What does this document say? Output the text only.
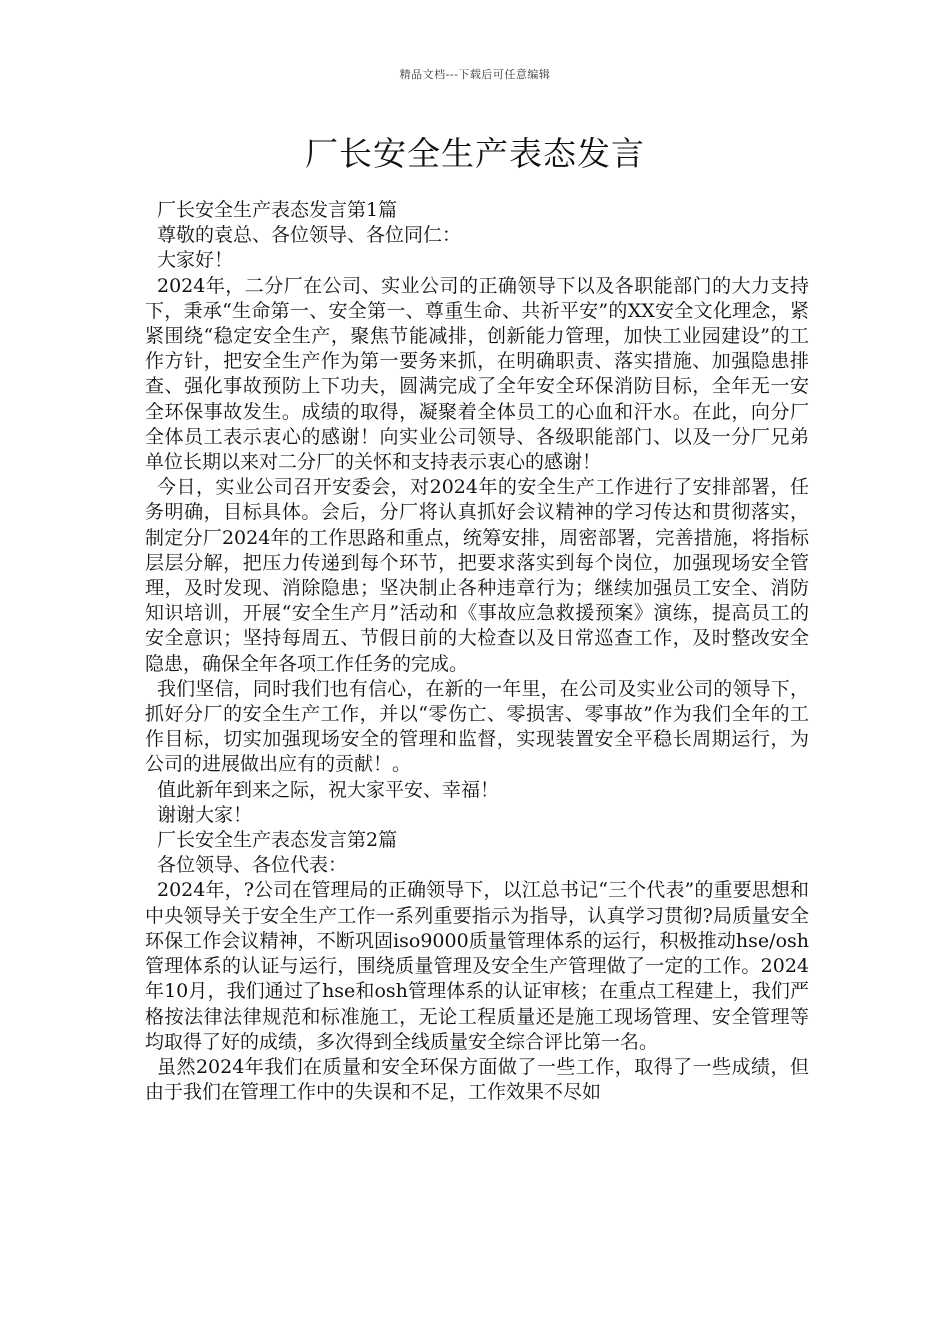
精品文档---下载后可任意编辑
厂长安全生产表态发言

厂长安全生产表态发言第1篇

尊敬的袁总、各位领导、各位同仁：

大家好！

2024年，二分厂在公司、实业公司的正确领导下以及各职能部门的大力支持下，秉承“生命第一、安全第一、尊重生命、共祈平安”的XX安全文化理念，紧紧围绕“稳定安全生产，聚焦节能减排，创新能力管理，加快工业园建设”的工作方针，把安全生产作为第一要务来抓，在明确职责、落实措施、加强隐患排查、强化事故预防上下功夫，圆满完成了全年安全环保消防目标，全年无一安全环保事故发生。成绩的取得，凝聚着全体员工的心血和汗水。在此，向分厂全体员工表示衷心的感谢！向实业公司领导、各级职能部门、以及一分厂兄弟单位长期以来对二分厂的关怀和支持表示衷心的感谢！

今日，实业公司召开安委会，对2024年的安全生产工作进行了安排部署，任务明确，目标具体。会后，分厂将认真抓好会议精神的学习传达和贯彻落实，制定分厂2024年的工作思路和重点，统筹安排，周密部署，完善措施，将指标层层分解，把压力传递到每个环节，把要求落实到每个岗位，加强现场安全管理，及时发现、消除隐患；坚决制止各种违章行为；继续加强员工安全、消防知识培训，开展“安全生产月”活动和《事故应急救援预案》演练，提高员工的安全意识；坚持每周五、节假日前的大检查以及日常巡查工作，及时整改安全隐患，确保全年各项工作任务的完成。

我们坚信，同时我们也有信心，在新的一年里，在公司及实业公司的领导下，抓好分厂的安全生产工作，并以“零伤亡、零损害、零事故”作为我们全年的工作目标，切实加强现场安全的管理和监督，实现装置安全平稳长周期运行，为公司的进展做出应有的贡献！。

值此新年到来之际，祝大家平安、幸福！

谢谢大家！

厂长安全生产表态发言第2篇

各位领导、各位代表：

2024年，?公司在管理局的正确领导下，以江总书记“三个代表”的重要思想和中央领导关于安全生产工作一系列重要指示为指导，认真学习贯彻?局质量安全环保工作会议精神，不断巩固iso9000质量管理体系的运行，积极推动hse/osh管理体系的认证与运行，围绕质量管理及安全生产管理做了一定的工作。2024年10月，我们通过了hse和osh管理体系的认证审核；在重点工程建上，我们严格按法律法律规范和标准施工，无论工程质量还是施工现场管理、安全管理等均取得了好的成绩，多次得到全线质量安全综合评比第一名。

虽然2024年我们在质量和安全环保方面做了一些工作，取得了一些成绩，但由于我们在管理工作中的失误和不足，工作效果不尽如
